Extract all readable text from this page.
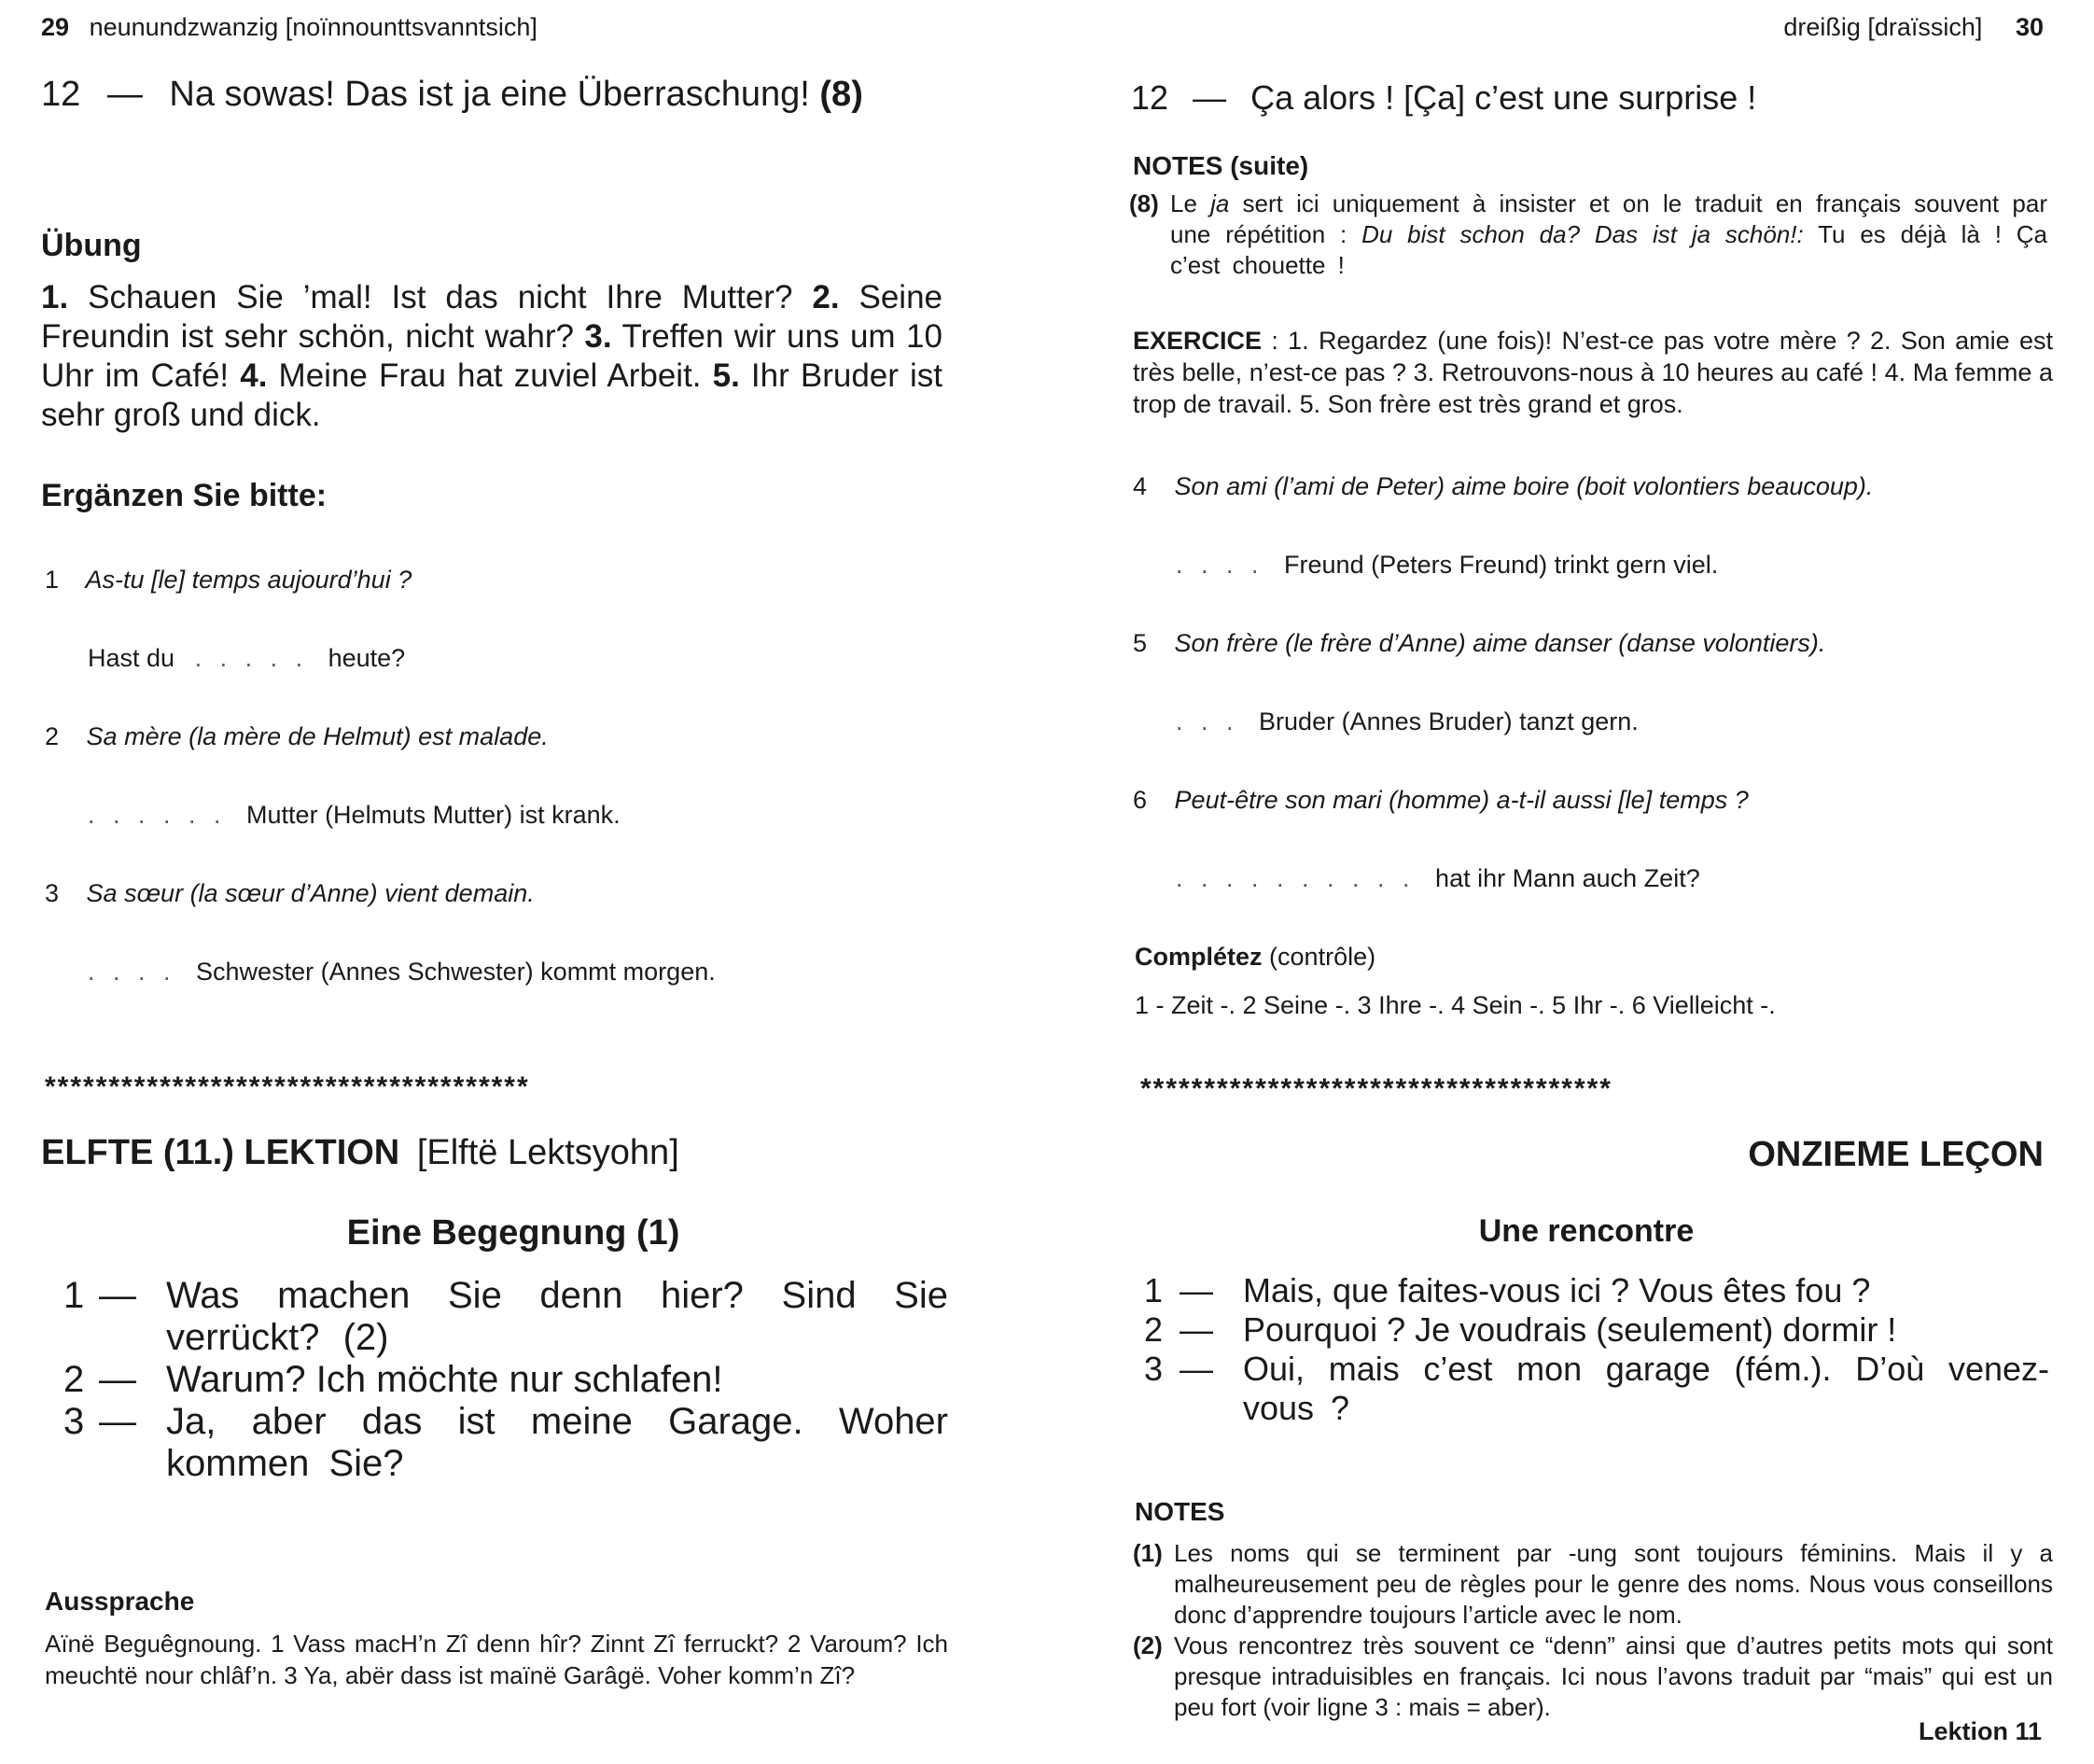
29 neunundzwanzig [noïnnounttsvanntsich]
12 — Na sowas! Das ist ja eine Überraschung! (8)
Übung
1. Schauen Sie ’mal! Ist das nicht Ihre Mutter? 2. Seine Freundin ist sehr schön, nicht wahr? 3. Treffen wir uns um 10 Uhr im Café! 4. Meine Frau hat zuviel Arbeit. 5. Ihr Bruder ist sehr groß und dick.
Ergänzen Sie bitte:
1 As-tu [le] temps aujourd’hui ?
Hast du . . . . . heute?
2 Sa mère (la mère de Helmut) est malade.
. . . . . . Mutter (Helmuts Mutter) ist krank.
3 Sa sœur (la sœur d’Anne) vient demain.
. . . . Schwester (Annes Schwester) kommt morgen.
**************************************
ELFTE (11.) LEKTION [Elftë Lektsyohn]
Eine Begegnung (1)
1 — Was machen Sie denn hier? Sind Sie verrückt? (2)
2 — Warum? Ich möchte nur schlafen!
3 — Ja, aber das ist meine Garage. Woher kommen Sie?
Aussprache
Aïnë Beguêgnoung. 1 Vass macH’n Zî denn hîr? Zinnt Zî ferruckt? 2 Varoum? Ich meuchtë nour chlâf’n. 3 Ya, abër dass ist maïnë Garâgë. Voher komm’n Zî?
dreißig [draïssich] 30
12 — Ça alors ! [Ça] c’est une surprise !
NOTES (suite)
(8) Le ja sert ici uniquement à insister et on le traduit en français souvent par une répétition : Du bist schon da? Das ist ja schön!: Tu es déjà là ! Ça c’est chouette !
EXERCICE : 1. Regardez (une fois)! N’est-ce pas votre mère ? 2. Son amie est très belle, n’est-ce pas ? 3. Retrouvons-nous à 10 heures au café ! 4. Ma femme a trop de travail. 5. Son frère est très grand et gros.
4 Son ami (l’ami de Peter) aime boire (boit volontiers beaucoup).
. . . . Freund (Peters Freund) trinkt gern viel.
5 Son frère (le frère d’Anne) aime danser (danse volontiers).
. . . Bruder (Annes Bruder) tanzt gern.
6 Peut-être son mari (homme) a-t-il aussi [le] temps ?
. . . . . . . . . . hat ihr Mann auch Zeit?
Complétez (contrôle)
1 - Zeit -. 2 Seine -. 3 Ihre -. 4 Sein -. 5 Ihr -. 6 Vielleicht -.
*************************************
ONZIEME LEÇON
Une rencontre
1 — Mais, que faites-vous ici ? Vous êtes fou ?
2 — Pourquoi ? Je voudrais (seulement) dormir !
3 — Oui, mais c’est mon garage (fém.). D’où venez-vous ?
NOTES
(1) Les noms qui se terminent par -ung sont toujours féminins. Mais il y a malheureusement peu de règles pour le genre des noms. Nous vous conseillons donc d’apprendre toujours l’article avec le nom.
(2) Vous rencontrez très souvent ce “denn” ainsi que d’autres petits mots qui sont presque intraduisibles en français. Ici nous l’avons traduit par “mais” qui est un peu fort (voir ligne 3 : mais = aber).
Lektion 11
